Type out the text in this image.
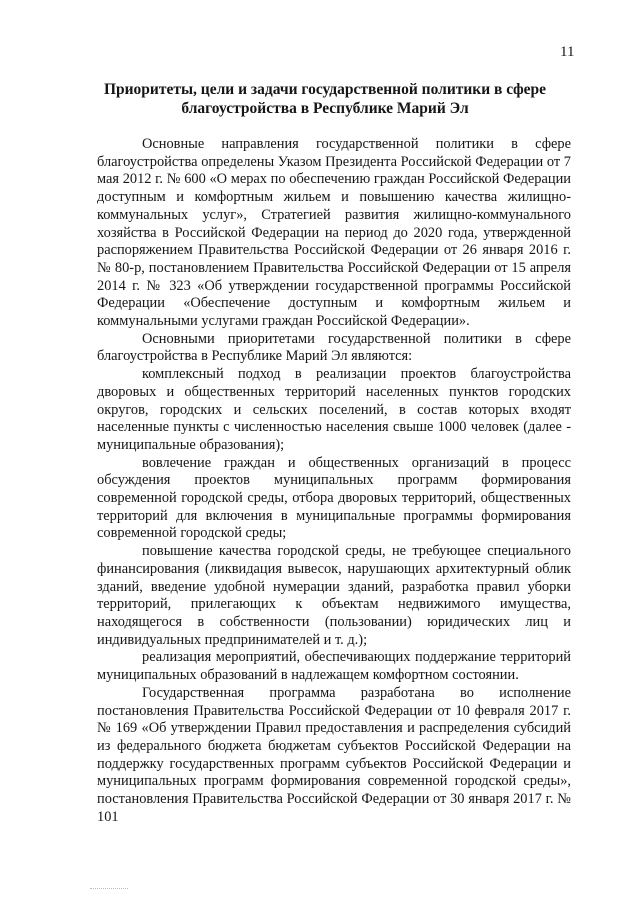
11
Приоритеты, цели и задачи государственной политики в сфере благоустройства в Республике Марий Эл

Основные направления государственной политики в сфере благоустройства определены Указом Президента Российской Федерации от 7 мая 2012 г. № 600 «О мерах по обеспечению граждан Российской Федерации доступным и комфортным жильем и повышению качества жилищно-коммунальных услуг», Стратегией развития жилищно-коммунального хозяйства в Российской Федерации на период до 2020 года, утвержденной распоряжением Правительства Российской Федерации от 26 января 2016 г. № 80-р, постановлением Правительства Российской Федерации от 15 апреля 2014 г. № 323 «Об утверждении государственной программы Российской Федерации «Обеспечение доступным и комфортным жильем и коммунальными услугами граждан Российской Федерации».

Основными приоритетами государственной политики в сфере благоустройства в Республике Марий Эл являются:

комплексный подход в реализации проектов благоустройства дворовых и общественных территорий населенных пунктов городских округов, городских и сельских поселений, в состав которых входят населенные пункты с численностью населения свыше 1000 человек (далее - муниципальные образования);

вовлечение граждан и общественных организаций в процесс обсуждения проектов муниципальных программ формирования современной городской среды, отбора дворовых территорий, общественных территорий для включения в муниципальные программы формирования современной городской среды;

повышение качества городской среды, не требующее специального финансирования (ликвидация вывесок, нарушающих архитектурный облик зданий, введение удобной нумерации зданий, разработка правил уборки территорий, прилегающих к объектам недвижимого имущества, находящегося в собственности (пользовании) юридических лиц и индивидуальных предпринимателей и т. д.);

реализация мероприятий, обеспечивающих поддержание территорий муниципальных образований в надлежащем комфортном состоянии.

Государственная программа разработана во исполнение постановления Правительства Российской Федерации от 10 февраля 2017 г. № 169 «Об утверждении Правил предоставления и распределения субсидий из федерального бюджета бюджетам субъектов Российской Федерации на поддержку государственных программ субъектов Российской Федерации и муниципальных программ формирования современной городской среды», постановления Правительства Российской Федерации от 30 января 2017 г. № 101
